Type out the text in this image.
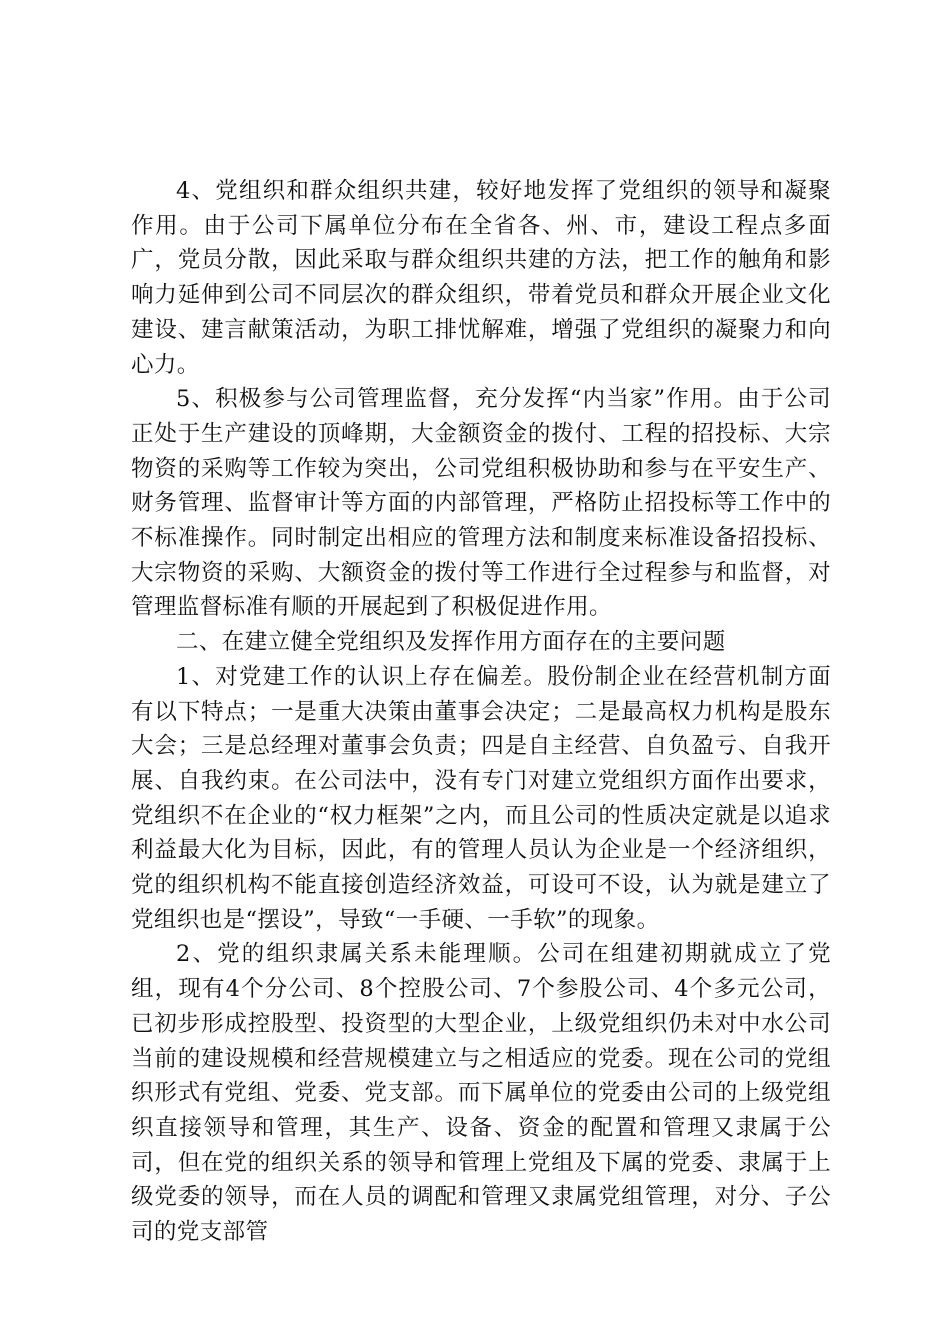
4、党组织和群众组织共建，较好地发挥了党组织的领导和凝聚作用。由于公司下属单位分布在全省各、州、市，建设工程点多面广，党员分散，因此采取与群众组织共建的方法，把工作的触角和影响力延伸到公司不同层次的群众组织，带着党员和群众开展企业文化建设、建言献策活动，为职工排忧解难，增强了党组织的凝聚力和向心力。

5、积极参与公司管理监督，充分发挥“内当家”作用。由于公司正处于生产建设的顶峰期，大金额资金的拨付、工程的招投标、大宗物资的采购等工作较为突出，公司党组积极协助和参与在平安生产、财务管理、监督审计等方面的内部管理，严格防止招投标等工作中的不标准操作。同时制定出相应的管理方法和制度来标准设备招投标、大宗物资的采购、大额资金的拨付等工作进行全过程参与和监督，对管理监督标准有顺的开展起到了积极促进作用。

二、在建立健全党组织及发挥作用方面存在的主要问题

1、对党建工作的认识上存在偏差。股份制企业在经营机制方面有以下特点；一是重大决策由董事会决定；二是最高权力机构是股东大会；三是总经理对董事会负责；四是自主经营、自负盈亏、自我开展、自我约束。在公司法中，没有专门对建立党组织方面作出要求，党组织不在企业的“权力框架”之内，而且公司的性质决定就是以追求利益最大化为目标，因此，有的管理人员认为企业是一个经济组织，党的组织机构不能直接创造经济效益，可设可不设，认为就是建立了党组织也是“摆设”，导致“一手硬、一手软”的现象。

2、党的组织隶属关系未能理顺。公司在组建初期就成立了党组，现有4个分公司、8个控股公司、7个参股公司、4个多元公司，已初步形成控股型、投资型的大型企业，上级党组织仍未对中水公司当前的建设规模和经营规模建立与之相适应的党委。现在公司的党组织形式有党组、党委、党支部。而下属单位的党委由公司的上级党组织直接领导和管理，其生产、设备、资金的配置和管理又隶属于公司，但在党的组织关系的领导和管理上党组及下属的党委、隶属于上级党委的领导，而在人员的调配和管理又隶属党组管理，对分、子公司的党支部管
